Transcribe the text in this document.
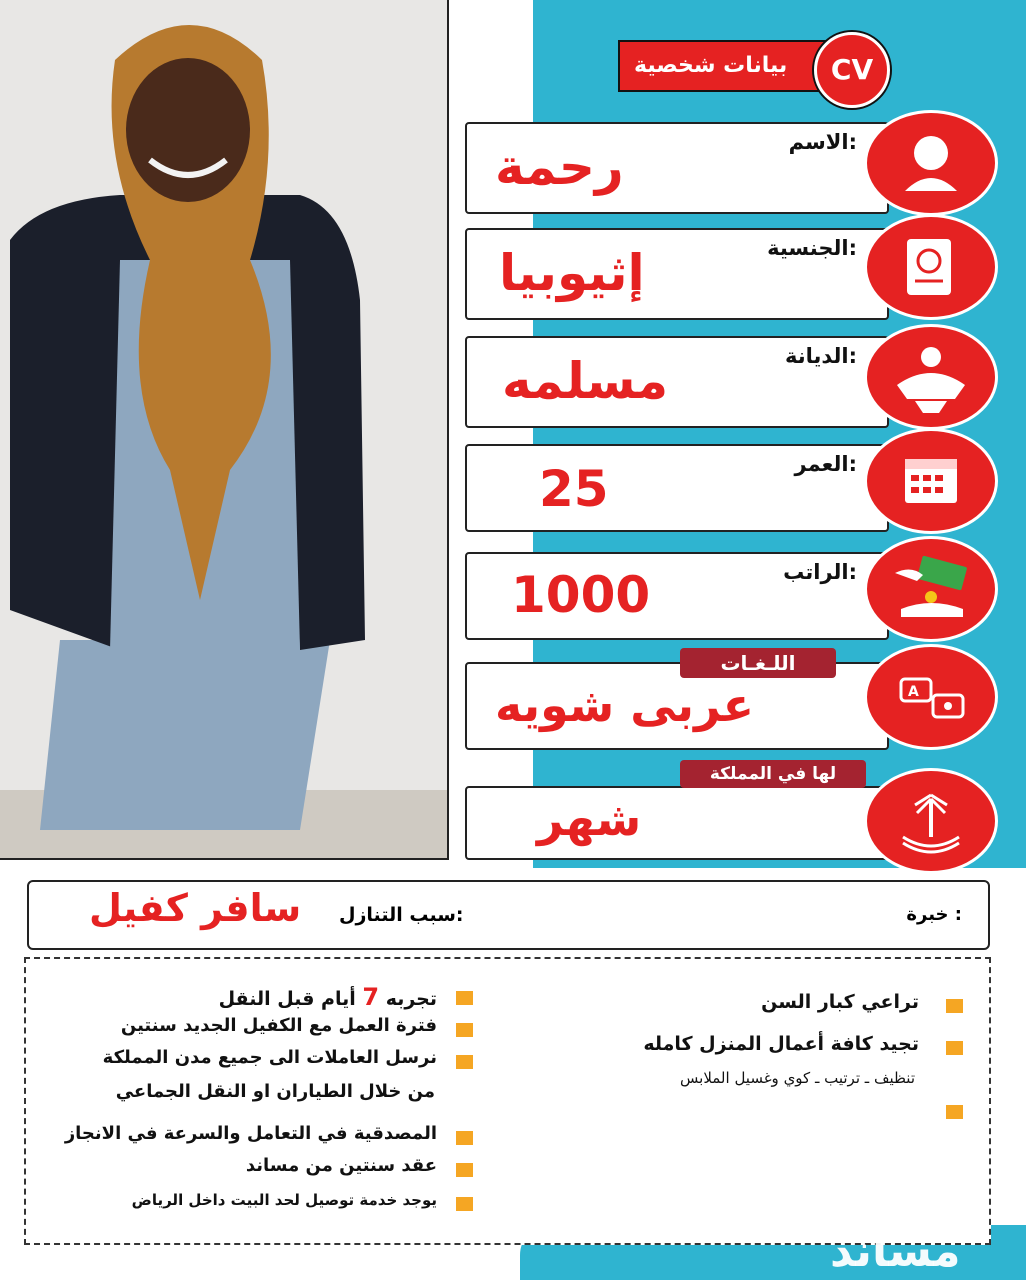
بيانات شخصية	CV
الاسم:
رحمة
الجنسية:
إثيوبيا
الديانة:
مسلمه
العمر:
25
الراتب:
1000
عربى شويه
اللـغـات
A
شهر
لها في المملكة
خبرة :
سبب التنازل:
سافر كفيل
تجربه 7 أيام قبل النقل
فترة العمل مع الكفيل الجديد سنتين
نرسل العاملات الى جميع مدن المملكة
من خلال الطياران او النقل الجماعي
المصدقية في التعامل والسرعة في الانجاز
عقد سنتين من مساند
يوجد خدمة توصيل لحد البيت داخل الرياض
تراعي كبار السن
تجيد كافة أعمال المنزل كامله
تنظيف ـ ترتيب ـ كوي وغسيل الملابس
مساند
